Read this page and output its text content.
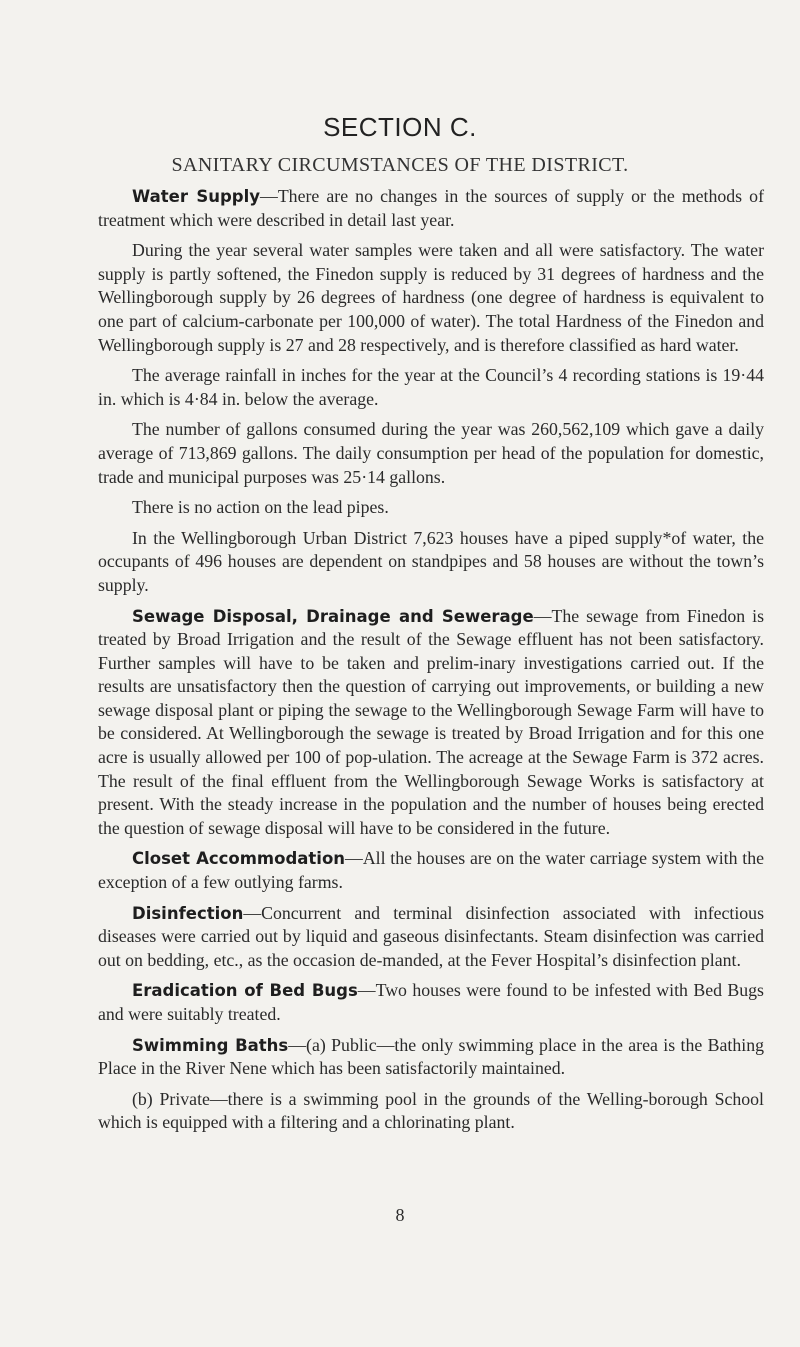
SECTION C.
SANITARY CIRCUMSTANCES OF THE DISTRICT.

Water Supply—There are no changes in the sources of supply or the methods of treatment which were described in detail last year.

During the year several water samples were taken and all were satisfactory. The water supply is partly softened, the Finedon supply is reduced by 31 degrees of hardness and the Wellingborough supply by 26 degrees of hardness (one degree of hardness is equivalent to one part of calcium-carbonate per 100,000 of water). The total Hardness of the Finedon and Wellingborough supply is 27 and 28 respectively, and is therefore classified as hard water.

The average rainfall in inches for the year at the Council’s 4 recording stations is 19·44 in. which is 4·84 in. below the average.

The number of gallons consumed during the year was 260,562,109 which gave a daily average of 713,869 gallons. The daily consumption per head of the population for domestic, trade and municipal purposes was 25·14 gallons.

There is no action on the lead pipes.

In the Wellingborough Urban District 7,623 houses have a piped supply*of water, the occupants of 496 houses are dependent on standpipes and 58 houses are without the town’s supply.

Sewage Disposal, Drainage and Sewerage—The sewage from Finedon is treated by Broad Irrigation and the result of the Sewage effluent has not been satisfactory. Further samples will have to be taken and prelim-inary investigations carried out. If the results are unsatisfactory then the question of carrying out improvements, or building a new sewage disposal plant or piping the sewage to the Wellingborough Sewage Farm will have to be considered. At Wellingborough the sewage is treated by Broad Irrigation and for this one acre is usually allowed per 100 of pop-ulation. The acreage at the Sewage Farm is 372 acres. The result of the final effluent from the Wellingborough Sewage Works is satisfactory at present. With the steady increase in the population and the number of houses being erected the question of sewage disposal will have to be considered in the future.

Closet Accommodation—All the houses are on the water carriage system with the exception of a few outlying farms.

Disinfection—Concurrent and terminal disinfection associated with infectious diseases were carried out by liquid and gaseous disinfectants. Steam disinfection was carried out on bedding, etc., as the occasion de-manded, at the Fever Hospital’s disinfection plant.

Eradication of Bed Bugs—Two houses were found to be infested with Bed Bugs and were suitably treated.

Swimming Baths—(a) Public—the only swimming place in the area is the Bathing Place in the River Nene which has been satisfactorily maintained.

(b) Private—there is a swimming pool in the grounds of the Welling-borough School which is equipped with a filtering and a chlorinating plant.

8
